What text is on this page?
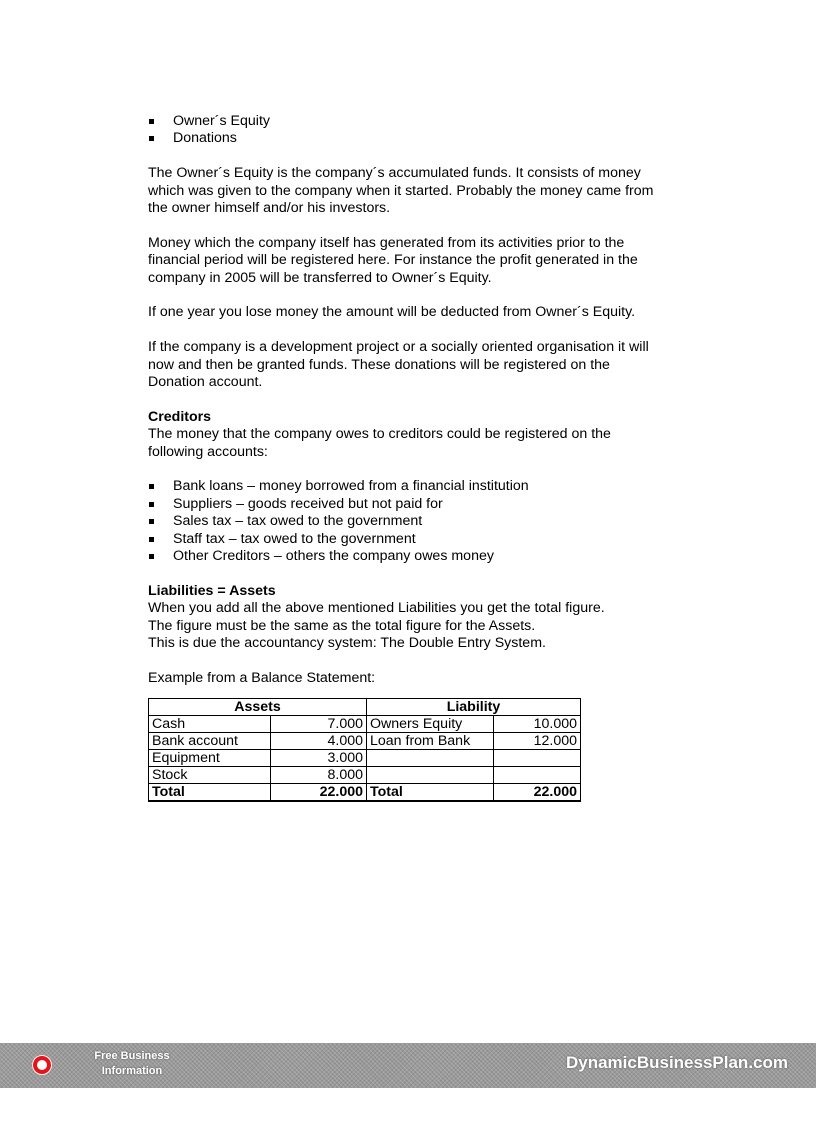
Owner´s Equity
Donations

The Owner´s Equity is the company´s accumulated funds. It consists of money which was given to the company when it started. Probably the money came from the owner himself and/or his investors.

Money which the company itself has generated from its activities prior to the financial period will be registered here. For instance the profit generated in the company in 2005 will be transferred to Owner´s Equity.

If one year you lose money the amount will be deducted from Owner´s Equity.

If the company is a development project or a socially oriented organisation it will now and then be granted funds. These donations will be registered on the Donation account.

Creditors

The money that the company owes to creditors could be registered on the following accounts:

Bank loans – money borrowed from a financial institution
Suppliers – goods received but not paid for
Sales tax – tax owed to the government
Staff tax – tax owed to the government
Other Creditors – others the company owes money

Liabilities = Assets

When you add all the above mentioned Liabilities you get the total figure.

The figure must be the same as the total figure for the Assets.

This is due the accountancy system: The Double Entry System.

Example from a Balance Statement:

Assets		Liability	
Cash	7.000	Owners Equity	10.000
Bank account	4.000	Loan from Bank	12.000
Equipment	3.000		
Stock	8.000		
Total	22.000	Total	22.000
Free Business
Information	DynamicBusinessPlan.com
